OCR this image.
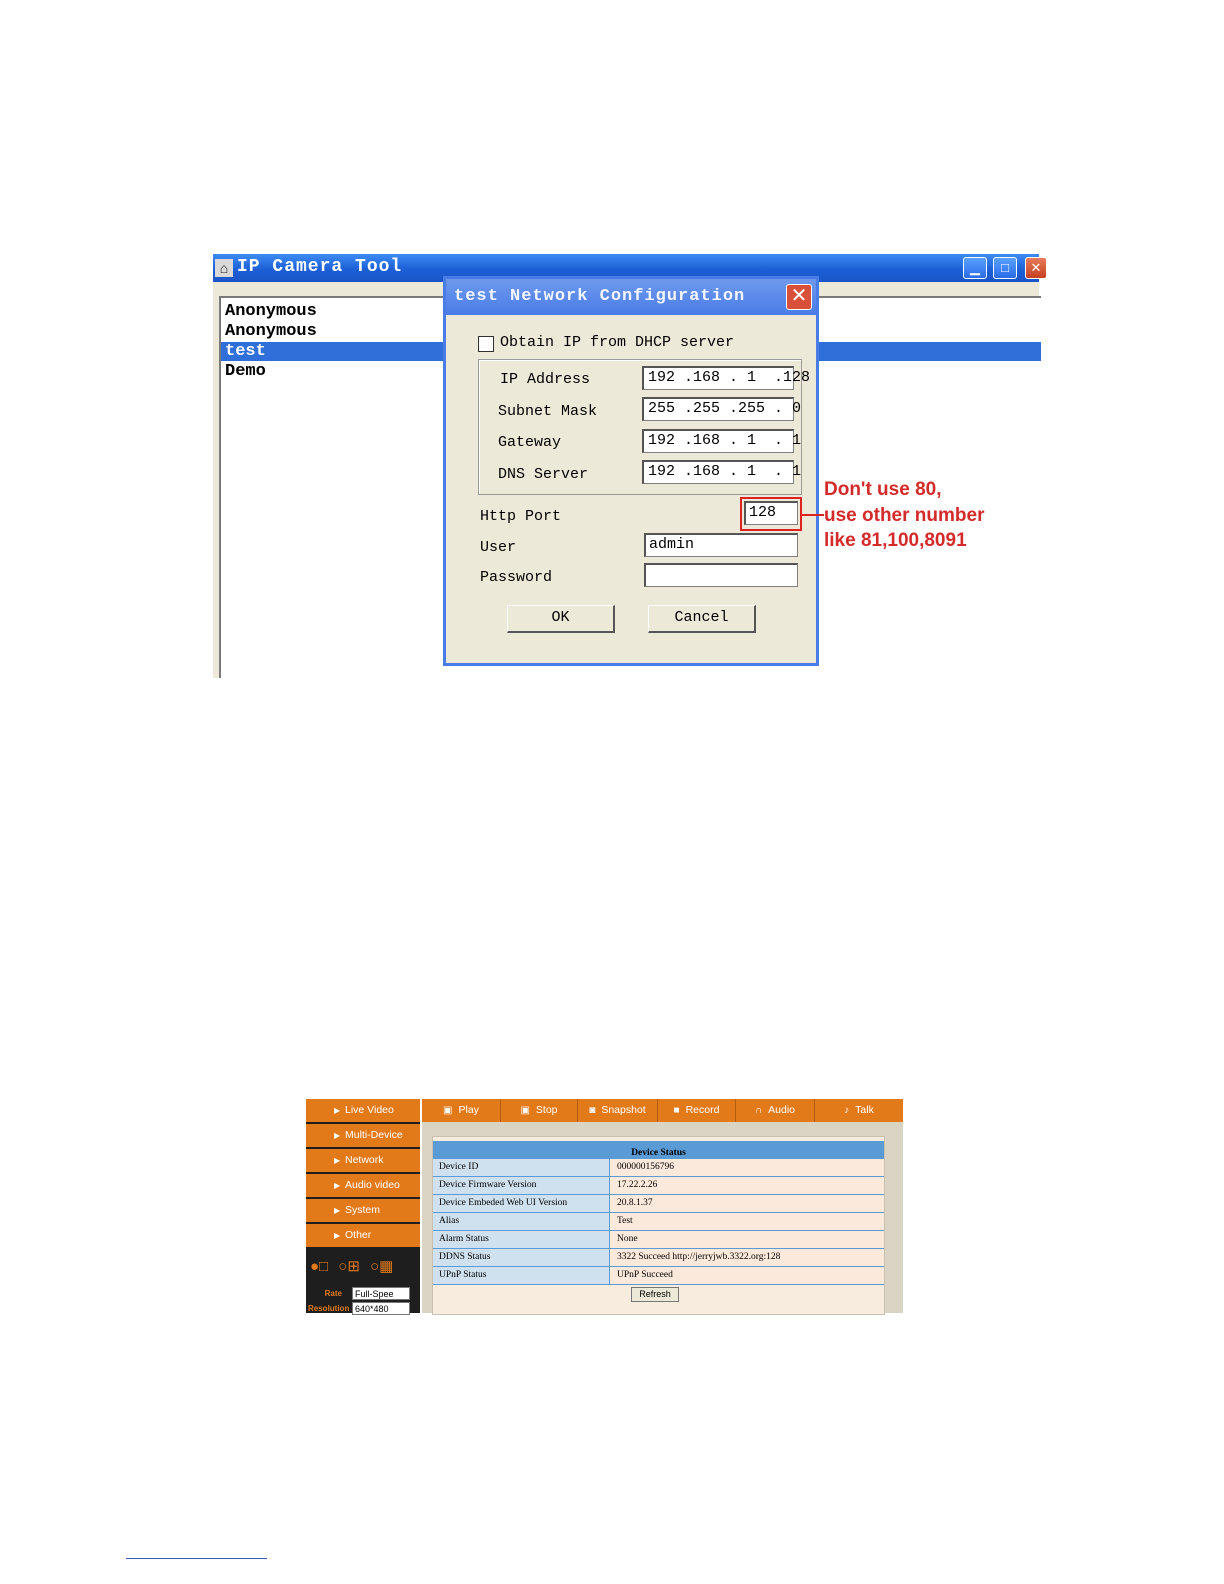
⌂ IP Camera Tool	▁	□	✕
Anonymous
Anonymous
test
Demo
test Network Configuration ✕
Obtain IP from DHCP server
IP Address	192 .168 . 1  .128
Subnet Mask	255 .255 .255 . 0
Gateway	192 .168 . 1  . 1
DNS Server	192 .168 . 1  . 1
Http Port	128
User	admin
Password
OK	Cancel
Don't use 80,
use other number
like 81,100,8091
▶ Live Video
▶ Multi-Device
▶ Network
▶ Audio video
▶ System
▶ Other
●□ ○⊞ ○▦
Rate	Full-Spee
Resolution 640*480
▣ Play	▣ Stop	◙ Snapshot	■ Record	∩ Audio	♪ Talk
Device Status
Device ID	000000156796
Device Firmware Version	17.22.2.26
Device Embeded Web UI Version	20.8.1.37
Alias	Test
Alarm Status	None
DDNS Status	3322 Succeed http://jerryjwb.3322.org:128
UPnP Status	UPnP Succeed
Refresh
